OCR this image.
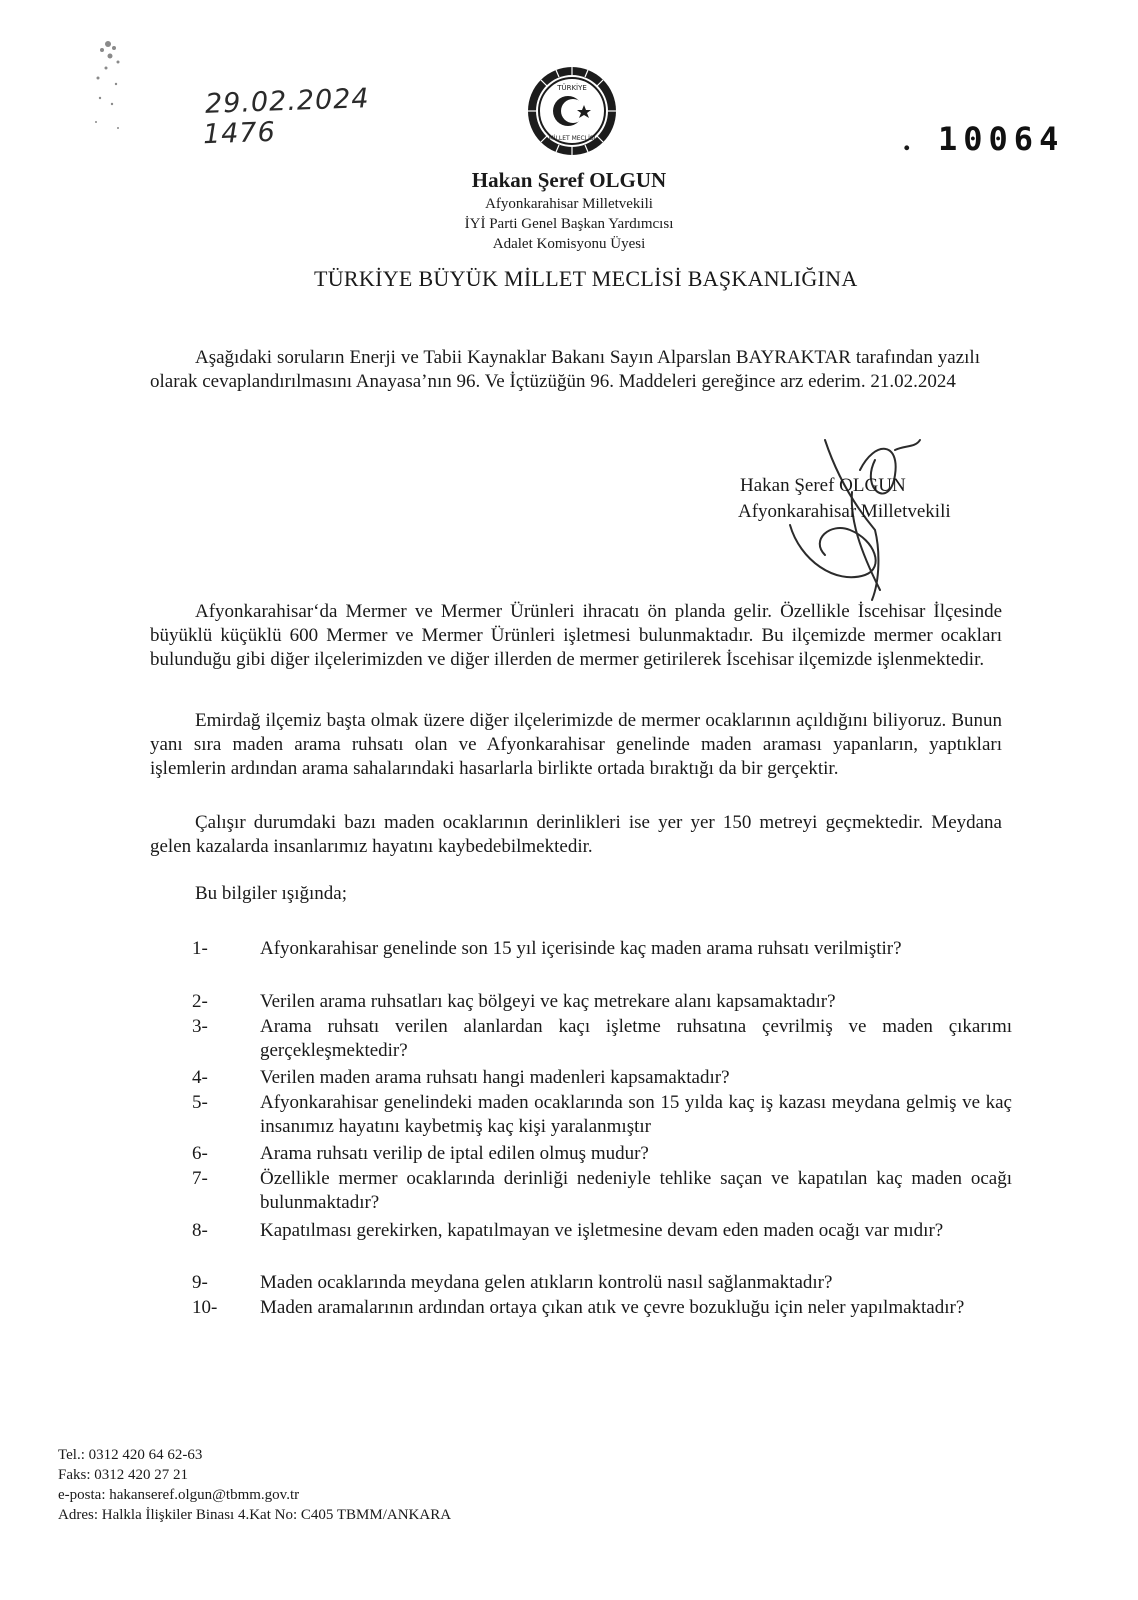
29.02.2024
1476	. 10064
TÜRKİYE
MİLLET MECLİSİ
Hakan Şeref OLGUN
Afyonkarahisar Milletvekili
İYİ Parti Genel Başkan Yardımcısı
Adalet Komisyonu Üyesi
TÜRKİYE BÜYÜK MİLLET MECLİSİ BAŞKANLIĞINA
Aşağıdaki soruların Enerji ve Tabii Kaynaklar Bakanı Sayın Alparslan BAYRAKTAR tarafından yazılı olarak cevaplandırılmasını Anayasa’nın 96. Ve İçtüzüğün 96. Maddeleri gereğince arz ederim. 21.02.2024
Hakan Şeref OLGUN
Afyonkarahisar Milletvekili
Afyonkarahisar‘da Mermer ve Mermer Ürünleri ihracatı ön planda gelir. Özellikle İscehisar İlçesinde büyüklü küçüklü 600 Mermer ve Mermer Ürünleri işletmesi bulunmaktadır. Bu ilçemizde mermer ocakları bulunduğu gibi diğer ilçelerimizden ve diğer illerden de mermer getirilerek İscehisar ilçemizde işlenmektedir.
Emirdağ ilçemiz başta olmak üzere diğer ilçelerimizde de mermer ocaklarının açıldığını biliyoruz. Bunun yanı sıra maden arama ruhsatı olan ve Afyonkarahisar genelinde maden araması yapanların, yaptıkları işlemlerin ardından arama sahalarındaki hasarlarla birlikte ortada bıraktığı da bir gerçektir.
Çalışır durumdaki bazı maden ocaklarının derinlikleri ise yer yer 150 metreyi geçmektedir. Meydana gelen kazalarda insanlarımız hayatını kaybedebilmektedir.
Bu bilgiler ışığında;
1-	Afyonkarahisar genelinde son 15 yıl içerisinde kaç maden arama ruhsatı verilmiştir?
2-	Verilen arama ruhsatları kaç bölgeyi ve kaç metrekare alanı kapsamaktadır?
3-	Arama ruhsatı verilen alanlardan kaçı işletme ruhsatına çevrilmiş ve maden çıkarımı gerçekleşmektedir?
4-	Verilen maden arama ruhsatı hangi madenleri kapsamaktadır?
5-	Afyonkarahisar genelindeki maden ocaklarında son 15 yılda kaç iş kazası meydana gelmiş ve kaç insanımız hayatını kaybetmiş kaç kişi yaralanmıştır
6-	Arama ruhsatı verilip de iptal edilen olmuş mudur?
7-	Özellikle mermer ocaklarında derinliği nedeniyle tehlike saçan ve kapatılan kaç maden ocağı bulunmaktadır?
8-	Kapatılması gerekirken, kapatılmayan ve işletmesine devam eden maden ocağı var mıdır?
9-	Maden ocaklarında meydana gelen atıkların kontrolü nasıl sağlanmaktadır?
10-	Maden aramalarının ardından ortaya çıkan atık ve çevre bozukluğu için neler yapılmaktadır?
Tel.: 0312 420 64 62-63
Faks: 0312 420 27 21
e-posta: hakanseref.olgun@tbmm.gov.tr
Adres: Halkla İlişkiler Binası 4.Kat No: C405 TBMM/ANKARA
